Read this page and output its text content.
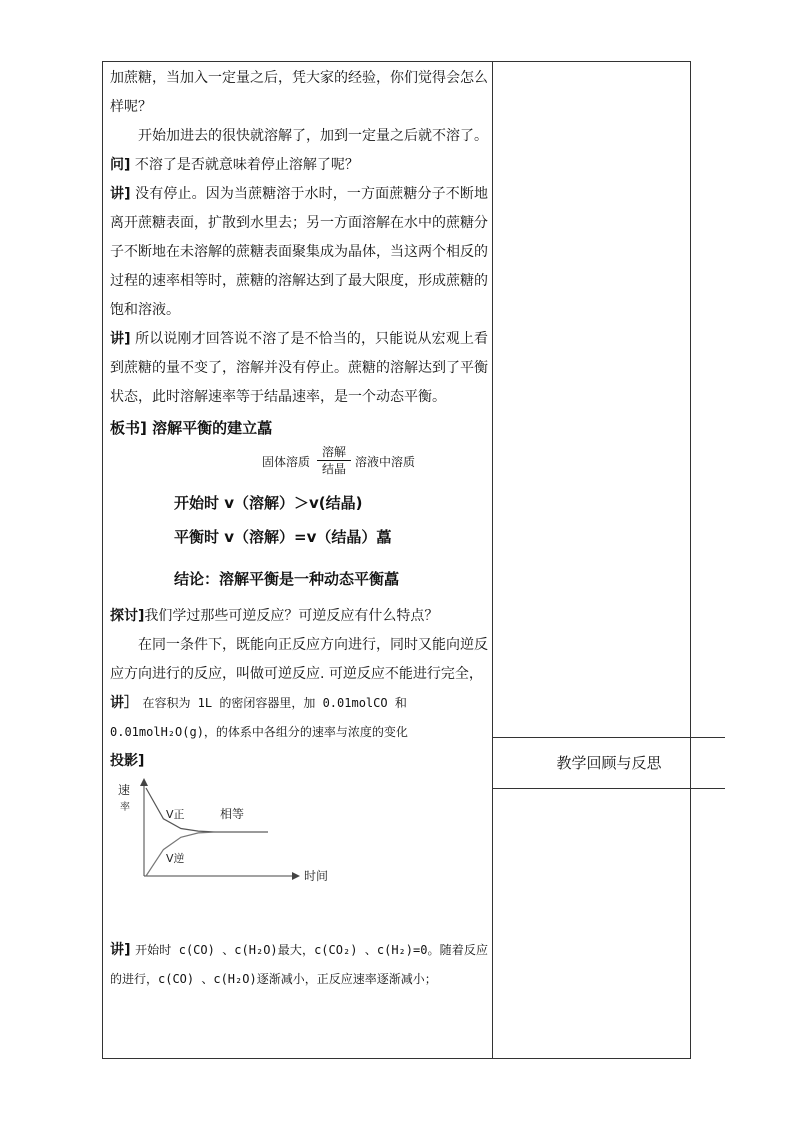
教学回顾与反思

加蔗糖，当加入一定量之后，凭大家的经验，你们觉得会怎么样呢？

开始加进去的很快就溶解了，加到一定量之后就不溶了。

问] 不溶了是否就意味着停止溶解了呢？

讲] 没有停止。因为当蔗糖溶于水时，一方面蔗糖分子不断地离开蔗糖表面，扩散到水里去；另一方面溶解在水中的蔗糖分子不断地在未溶解的蔗糖表面聚集成为晶体，当这两个相反的过程的速率相等时，蔗糖的溶解达到了最大限度，形成蔗糖的饱和溶液。

讲] 所以说刚才回答说不溶了是不恰当的，只能说从宏观上看到蔗糖的量不变了，溶解并没有停止。蔗糖的溶解达到了平衡状态，此时溶解速率等于结晶速率，是一个动态平衡。

板书] 溶解平衡的建立藠

固体溶质
溶解
结晶 溶液中溶质

开始时 v（溶解）＞v(结晶)

平衡时 v（溶解）=v（结晶）藠

结论：溶解平衡是一种动态平衡藠

探讨]我们学过那些可逆反应？可逆反应有什么特点？

在同一条件下，既能向正反应方向进行，同时又能向逆反应方向进行的反应，叫做可逆反应. 可逆反应不能进行完全，

讲］ 在容积为 1L 的密闭容器里，加 0.01molCO 和

0.01molH₂O(g)，的体系中各组分的速率与浓度的变化

投影]

速
率
时间
V正
V逆
相等

讲] 开始时 c(CO) 、c(H₂O)最大，c(CO₂) 、c(H₂)=0。随着反应的进行，c(CO) 、c(H₂O)逐渐减小，正反应速率逐渐减小；
